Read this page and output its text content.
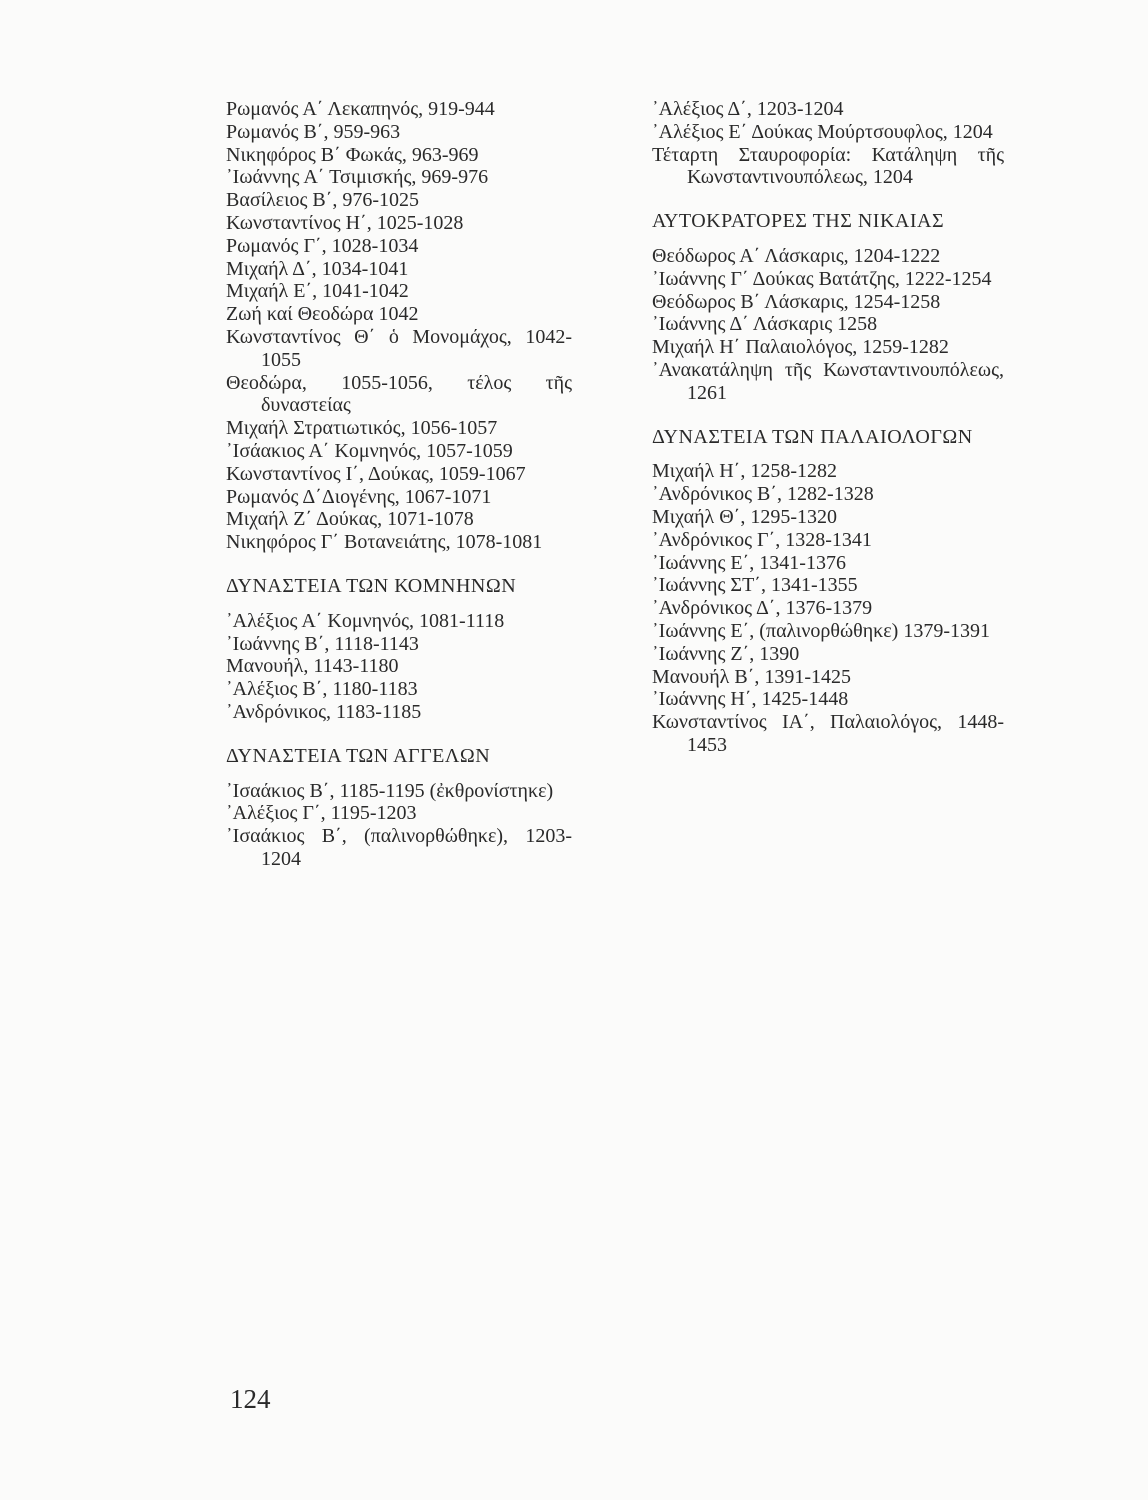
Ρωμανός Α΄ Λεκαπηνός, 919-944

Ρωμανός Β΄, 959-963

Νικηφόρος Β΄ Φωκάς, 963-969

᾿Ιωάννης Α΄ Τσιμισκής, 969-976

Βασίλειος Β΄, 976-1025

Κωνσταντίνος Η΄, 1025-1028

Ρωμανός Γ΄, 1028-1034

Μιχαήλ Δ΄, 1034-1041

Μιχαήλ Ε΄, 1041-1042

Ζωή καί Θεοδώρα 1042

Κωνσταντίνος Θ΄ ὁ Μονομάχος, 1042-1055

Θεοδώρα, 1055-1056, τέλος τῆς δυναστείας

Μιχαήλ Στρατιωτικός, 1056-1057

᾿Ισάακιος Α΄ Κομνηνός, 1057-1059

Κωνσταντίνος Ι΄, Δούκας, 1059-1067

Ρωμανός Δ΄Διογένης, 1067-1071

Μιχαήλ Ζ΄ Δούκας, 1071-1078

Νικηφόρος Γ΄ Βοτανειάτης, 1078-1081

ΔΥΝΑΣΤΕΙΑ ΤΩΝ ΚΟΜΝΗΝΩΝ

᾿Αλέξιος Α΄ Κομνηνός, 1081-1118

᾿Ιωάννης Β΄, 1118-1143

Μανουήλ, 1143-1180

᾿Αλέξιος Β΄, 1180-1183

᾿Ανδρόνικος, 1183-1185

ΔΥΝΑΣΤΕΙΑ ΤΩΝ ΑΓΓΕΛΩΝ

᾿Ισαάκιος Β΄, 1185-1195 (ἐκθρονίστηκε)

᾿Αλέξιος Γ΄, 1195-1203

᾿Ισαάκιος Β΄, (παλινορθώθηκε), 1203-1204

᾿Αλέξιος Δ΄, 1203-1204

᾿Αλέξιος Ε΄ Δούκας Μούρτσουφλος, 1204

Τέταρτη Σταυροφορία: Κατάληψη τῆς Κωνσταντινουπόλεως, 1204

ΑΥΤΟΚΡΑΤΟΡΕΣ ΤΗΣ ΝΙΚΑΙΑΣ

Θεόδωρος Α΄ Λάσκαρις, 1204-1222

᾿Ιωάννης Γ΄ Δούκας Βατάτζης, 1222-1254

Θεόδωρος Β΄ Λάσκαρις, 1254-1258

᾿Ιωάννης Δ΄ Λάσκαρις 1258

Μιχαήλ Η΄ Παλαιολόγος, 1259-1282

᾿Ανακατάληψη τῆς Κωνσταντινουπόλεως, 1261

ΔΥΝΑΣΤΕΙΑ ΤΩΝ ΠΑΛΑΙΟΛΟΓΩΝ

Μιχαήλ Η΄, 1258-1282

᾿Ανδρόνικος Β΄, 1282-1328

Μιχαήλ Θ΄, 1295-1320

᾿Ανδρόνικος Γ΄, 1328-1341

᾿Ιωάννης Ε΄, 1341-1376

᾿Ιωάννης ΣΤ΄, 1341-1355

᾿Ανδρόνικος Δ΄, 1376-1379

᾿Ιωάννης Ε΄, (παλινορθώθηκε) 1379-1391

᾿Ιωάννης Ζ΄, 1390

Μανουήλ Β΄, 1391-1425

᾿Ιωάννης Η΄, 1425-1448

Κωνσταντίνος ΙΑ΄, Παλαιολόγος, 1448-1453

124
